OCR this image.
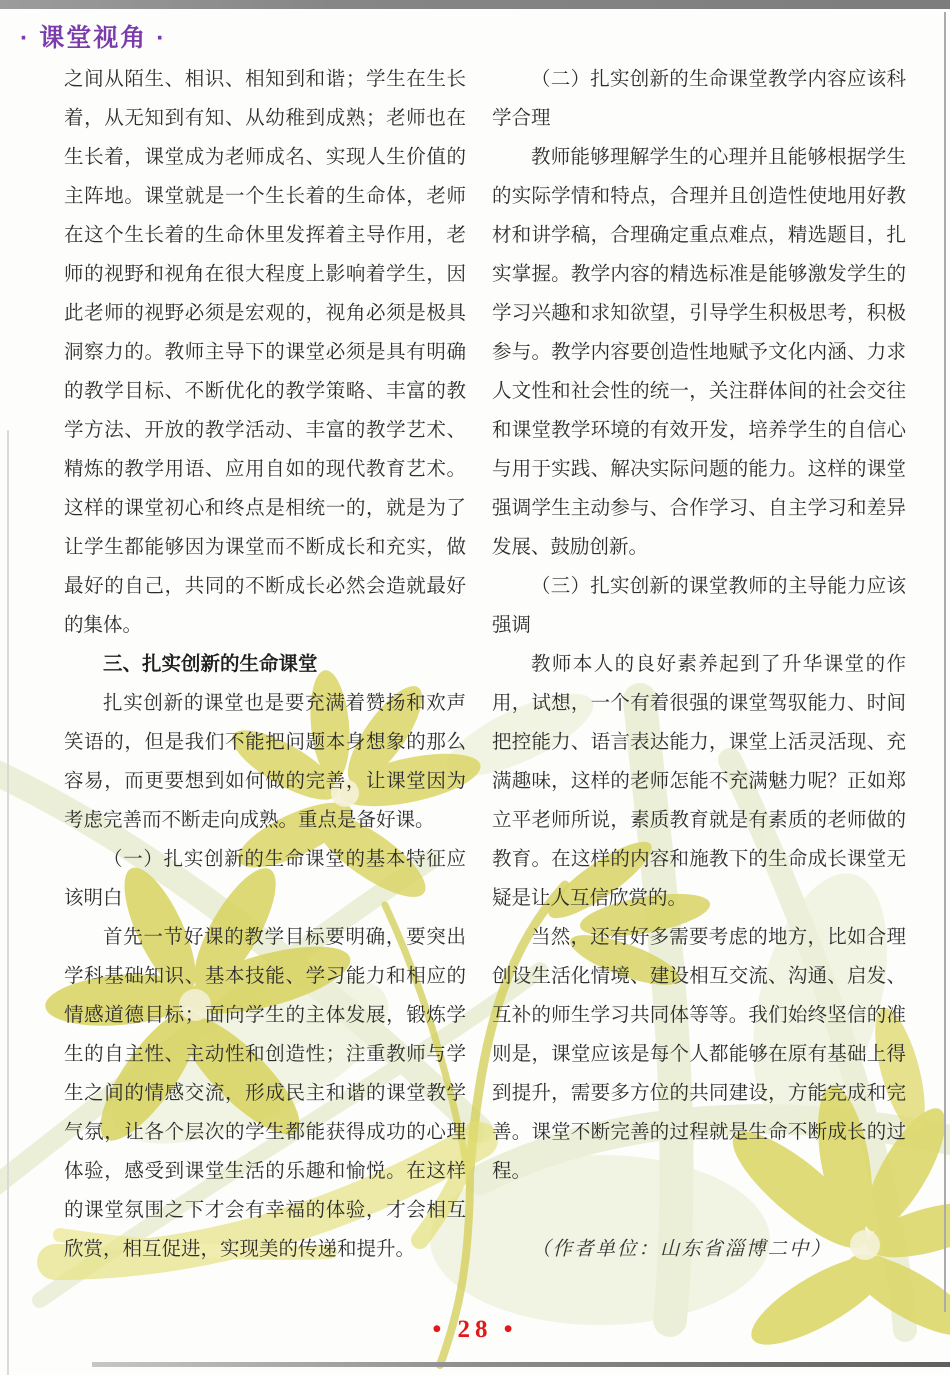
· 课堂视角 ·

之间从陌生、相识、相知到和谐；学生在生长着，从无知到有知、从幼稚到成熟；老师也在生长着，课堂成为老师成名、实现人生价值的主阵地。课堂就是一个生长着的生命体，老师在这个生长着的生命休里发挥着主导作用，老师的视野和视角在很大程度上影响着学生，因此老师的视野必须是宏观的，视角必须是极具洞察力的。教师主导下的课堂必须是具有明确的教学目标、不断优化的教学策略、丰富的教学方法、开放的教学活动、丰富的教学艺术、精炼的教学用语、应用自如的现代教育艺术。这样的课堂初心和终点是相统一的，就是为了让学生都能够因为课堂而不断成长和充实，做最好的自己，共同的不断成长必然会造就最好的集体。

三、扎实创新的生命课堂

扎实创新的课堂也是要充满着赞扬和欢声笑语的，但是我们不能把问题本身想象的那么容易，而更要想到如何做的完善，让课堂因为考虑完善而不断走向成熟。重点是备好课。

（一）扎实创新的生命课堂的基本特征应该明白

首先一节好课的教学目标要明确，要突出学科基础知识、基本技能、学习能力和相应的情感道德目标；面向学生的主体发展，锻炼学生的自主性、主动性和创造性；注重教师与学生之间的情感交流，形成民主和谐的课堂教学气氛，让各个层次的学生都能获得成功的心理体验，感受到课堂生活的乐趣和愉悦。在这样的课堂氛围之下才会有幸福的体验，才会相互欣赏，相互促进，实现美的传递和提升。

（二）扎实创新的生命课堂教学内容应该科学合理

教师能够理解学生的心理并且能够根据学生的实际学情和特点，合理并且创造性使地用好教材和讲学稿，合理确定重点难点，精选题目，扎实掌握。教学内容的精选标准是能够激发学生的学习兴趣和求知欲望，引导学生积极思考，积极参与。教学内容要创造性地赋予文化内涵、力求人文性和社会性的统一，关注群体间的社会交往和课堂教学环境的有效开发，培养学生的自信心与用于实践、解决实际问题的能力。这样的课堂强调学生主动参与、合作学习、自主学习和差异发展、鼓励创新。

（三）扎实创新的课堂教师的主导能力应该强调

教师本人的良好素养起到了升华课堂的作用，试想，一个有着很强的课堂驾驭能力、时间把控能力、语言表达能力，课堂上活灵活现、充满趣味，这样的老师怎能不充满魅力呢？正如郑立平老师所说，素质教育就是有素质的老师做的教育。在这样的内容和施教下的生命成长课堂无疑是让人互信欣赏的。

当然，还有好多需要考虑的地方，比如合理创设生活化情境、建设相互交流、沟通、启发、互补的师生学习共同体等等。我们始终坚信的准则是，课堂应该是每个人都能够在原有基础上得到提升，需要多方位的共同建设，方能完成和完善。课堂不断完善的过程就是生命不断成长的过程。

（作者单位：山东省淄博二中）

• 28 •
